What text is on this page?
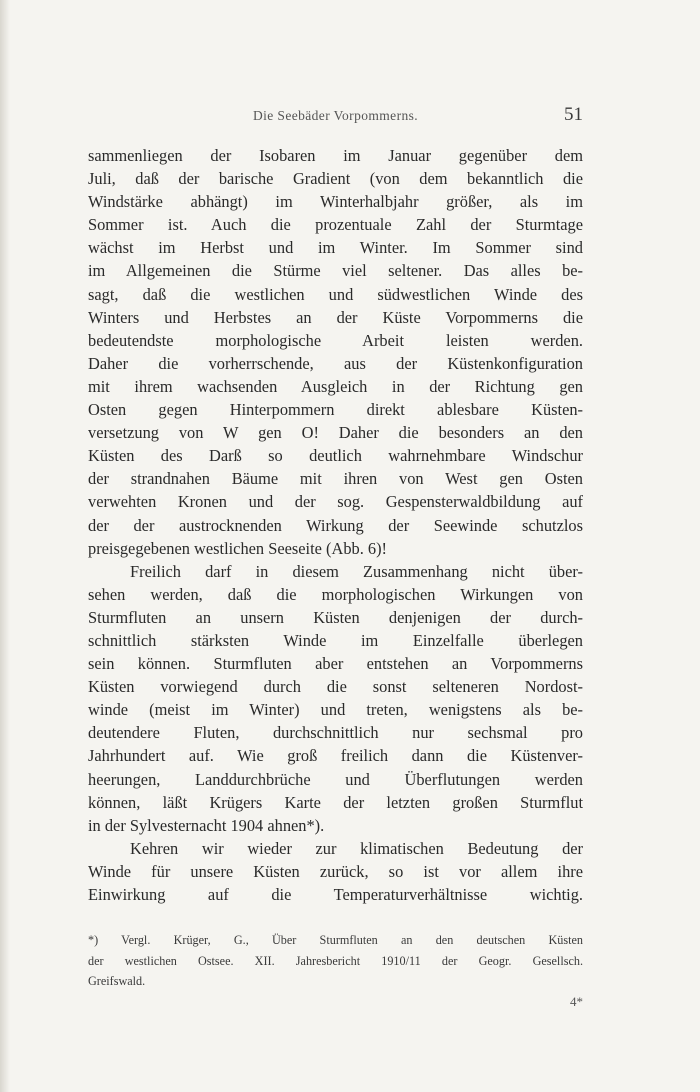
Die Seebäder Vorpommerns.	51
sammenliegen der Isobaren im Januar gegenüber dem
Juli, daß der barische Gradient (von dem bekanntlich die
Windstärke abhängt) im Winterhalbjahr größer, als im
Sommer ist. Auch die prozentuale Zahl der Sturmtage
wächst im Herbst und im Winter. Im Sommer sind
im Allgemeinen die Stürme viel seltener. Das alles be-
sagt, daß die westlichen und südwestlichen Winde des
Winters und Herbstes an der Küste Vorpommerns die
bedeutendste morphologische Arbeit leisten werden.
Daher die vorherrschende, aus der Küstenkonfiguration
mit ihrem wachsenden Ausgleich in der Richtung gen
Osten gegen Hinterpommern direkt ablesbare Küsten-
versetzung von W gen O! Daher die besonders an den
Küsten des Darß so deutlich wahrnehmbare Windschur
der strandnahen Bäume mit ihren von West gen Osten
verwehten Kronen und der sog. Gespensterwaldbildung auf
der der austrocknenden Wirkung der Seewinde schutzlos
preisgegebenen westlichen Seeseite (Abb. 6)!
Freilich darf in diesem Zusammenhang nicht über-
sehen werden, daß die morphologischen Wirkungen von
Sturmfluten an unsern Küsten denjenigen der durch-
schnittlich stärksten Winde im Einzelfalle überlegen
sein können. Sturmfluten aber entstehen an Vorpommerns
Küsten vorwiegend durch die sonst selteneren Nordost-
winde (meist im Winter) und treten, wenigstens als be-
deutendere Fluten, durchschnittlich nur sechsmal pro
Jahrhundert auf. Wie groß freilich dann die Küstenver-
heerungen, Landdurchbrüche und Überflutungen werden
können, läßt Krügers Karte der letzten großen Sturmflut
in der Sylvesternacht 1904 ahnen*).
Kehren wir wieder zur klimatischen Bedeutung der
Winde für unsere Küsten zurück, so ist vor allem ihre
Einwirkung auf die Temperaturverhältnisse wichtig.
*) Vergl. Krüger, G., Über Sturmfluten an den deutschen Küsten
der westlichen Ostsee. XII. Jahresbericht 1910/11 der Geogr. Gesellsch.
Greifswald.
4*
